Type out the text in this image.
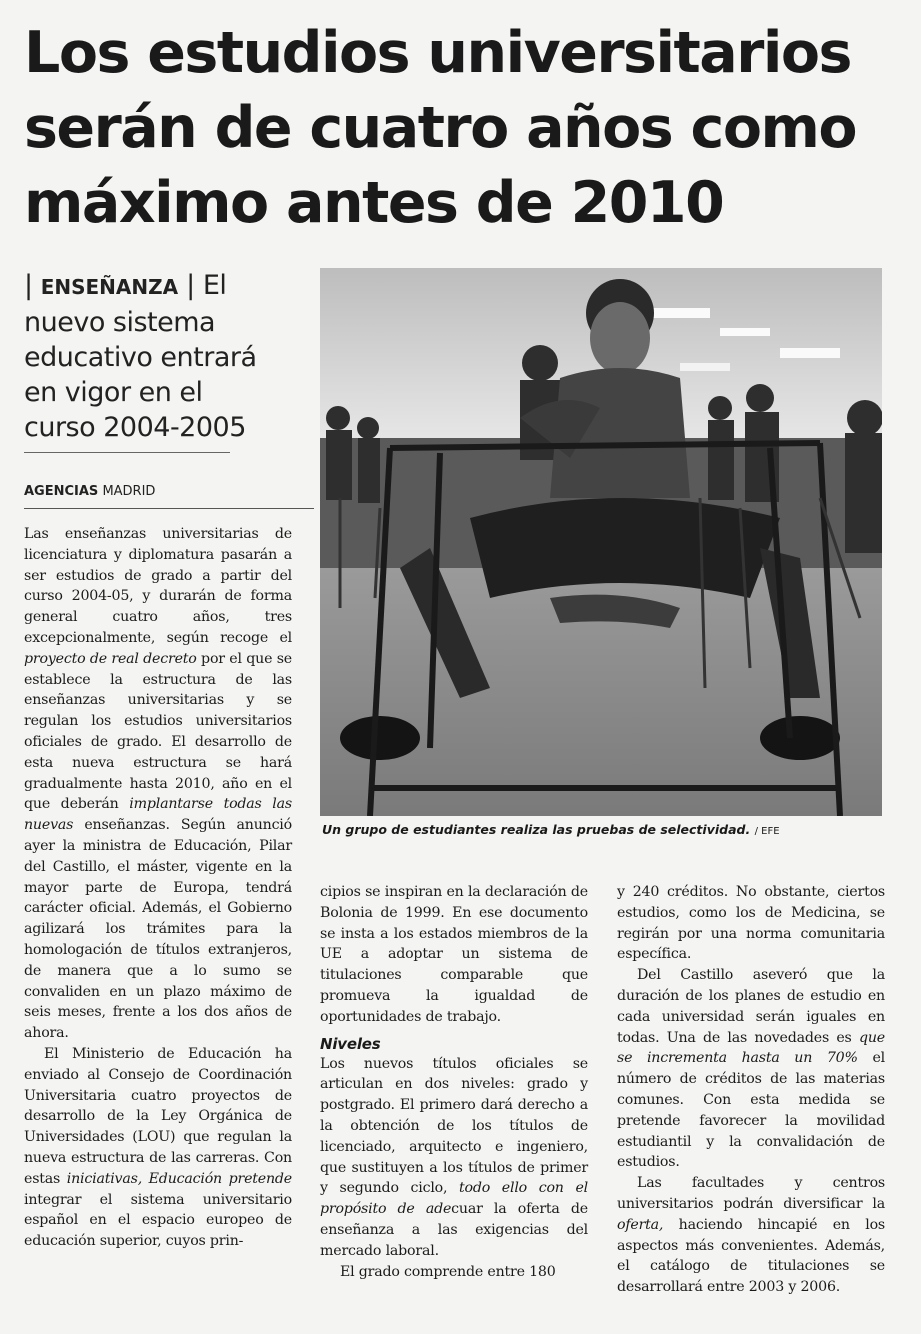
Los estudios universitarios
serán de cuatro años como
máximo antes de 2010
| ENSEÑANZA | El
nuevo sistema
educativo entrará
en vigor en el
curso 2004-2005
AGENCIAS MADRID

Las enseñanzas universitarias de licenciatura y diplomatura pasarán a ser estudios de grado a partir del curso 2004-05, y durarán de forma general cuatro años, tres excepcionalmente, según recoge el proyecto de real decreto por el que se establece la estructura de las enseñanzas universitarias y se regulan los estudios universitarios oficiales de grado. El desarrollo de esta nueva estructura se hará gradualmente hasta 2010, año en el que deberán implantarse todas las nuevas enseñanzas. Según anunció ayer la ministra de Educación, Pilar del Castillo, el máster, vigente en la mayor parte de Europa, tendrá carácter oficial. Además, el Gobierno agilizará los trámites para la homologación de títulos extranjeros, de manera que a lo sumo se convaliden en un plazo máximo de seis meses, frente a los dos años de ahora.

El Ministerio de Educación ha enviado al Consejo de Coordinación Universitaria cuatro proyectos de desarrollo de la Ley Orgánica de Universidades (LOU) que regulan la nueva estructura de las carreras. Con estas iniciativas, Educación pretende integrar el sistema universitario español en el espacio europeo de educación superior, cuyos prin-

Un grupo de estudiantes realiza las pruebas de selectividad. / EFE

cipios se inspiran en la declaración de Bolonia de 1999. En ese documento se insta a los estados miembros de la UE a adoptar un sistema de titulaciones comparable que promueva la igualdad de oportunidades de trabajo.

Niveles

Los nuevos títulos oficiales se articulan en dos niveles: grado y postgrado. El primero dará derecho a la obtención de los títulos de licenciado, arquitecto e ingeniero, que sustituyen a los títulos de primer y segundo ciclo, todo ello con el propósito de adecuar la oferta de enseñanza a las exigencias del mercado laboral.

El grado comprende entre 180

y 240 créditos. No obstante, ciertos estudios, como los de Medicina, se regirán por una norma comunitaria específica.

Del Castillo aseveró que la duración de los planes de estudio en cada universidad serán iguales en todas. Una de las novedades es que se incrementa hasta un 70% el número de créditos de las materias comunes. Con esta medida se pretende favorecer la movilidad estudiantil y la convalidación de estudios.

Las facultades y centros universitarios podrán diversificar la oferta, haciendo hincapié en los aspectos más convenientes. Además, el catálogo de titulaciones se desarrollará entre 2003 y 2006.
